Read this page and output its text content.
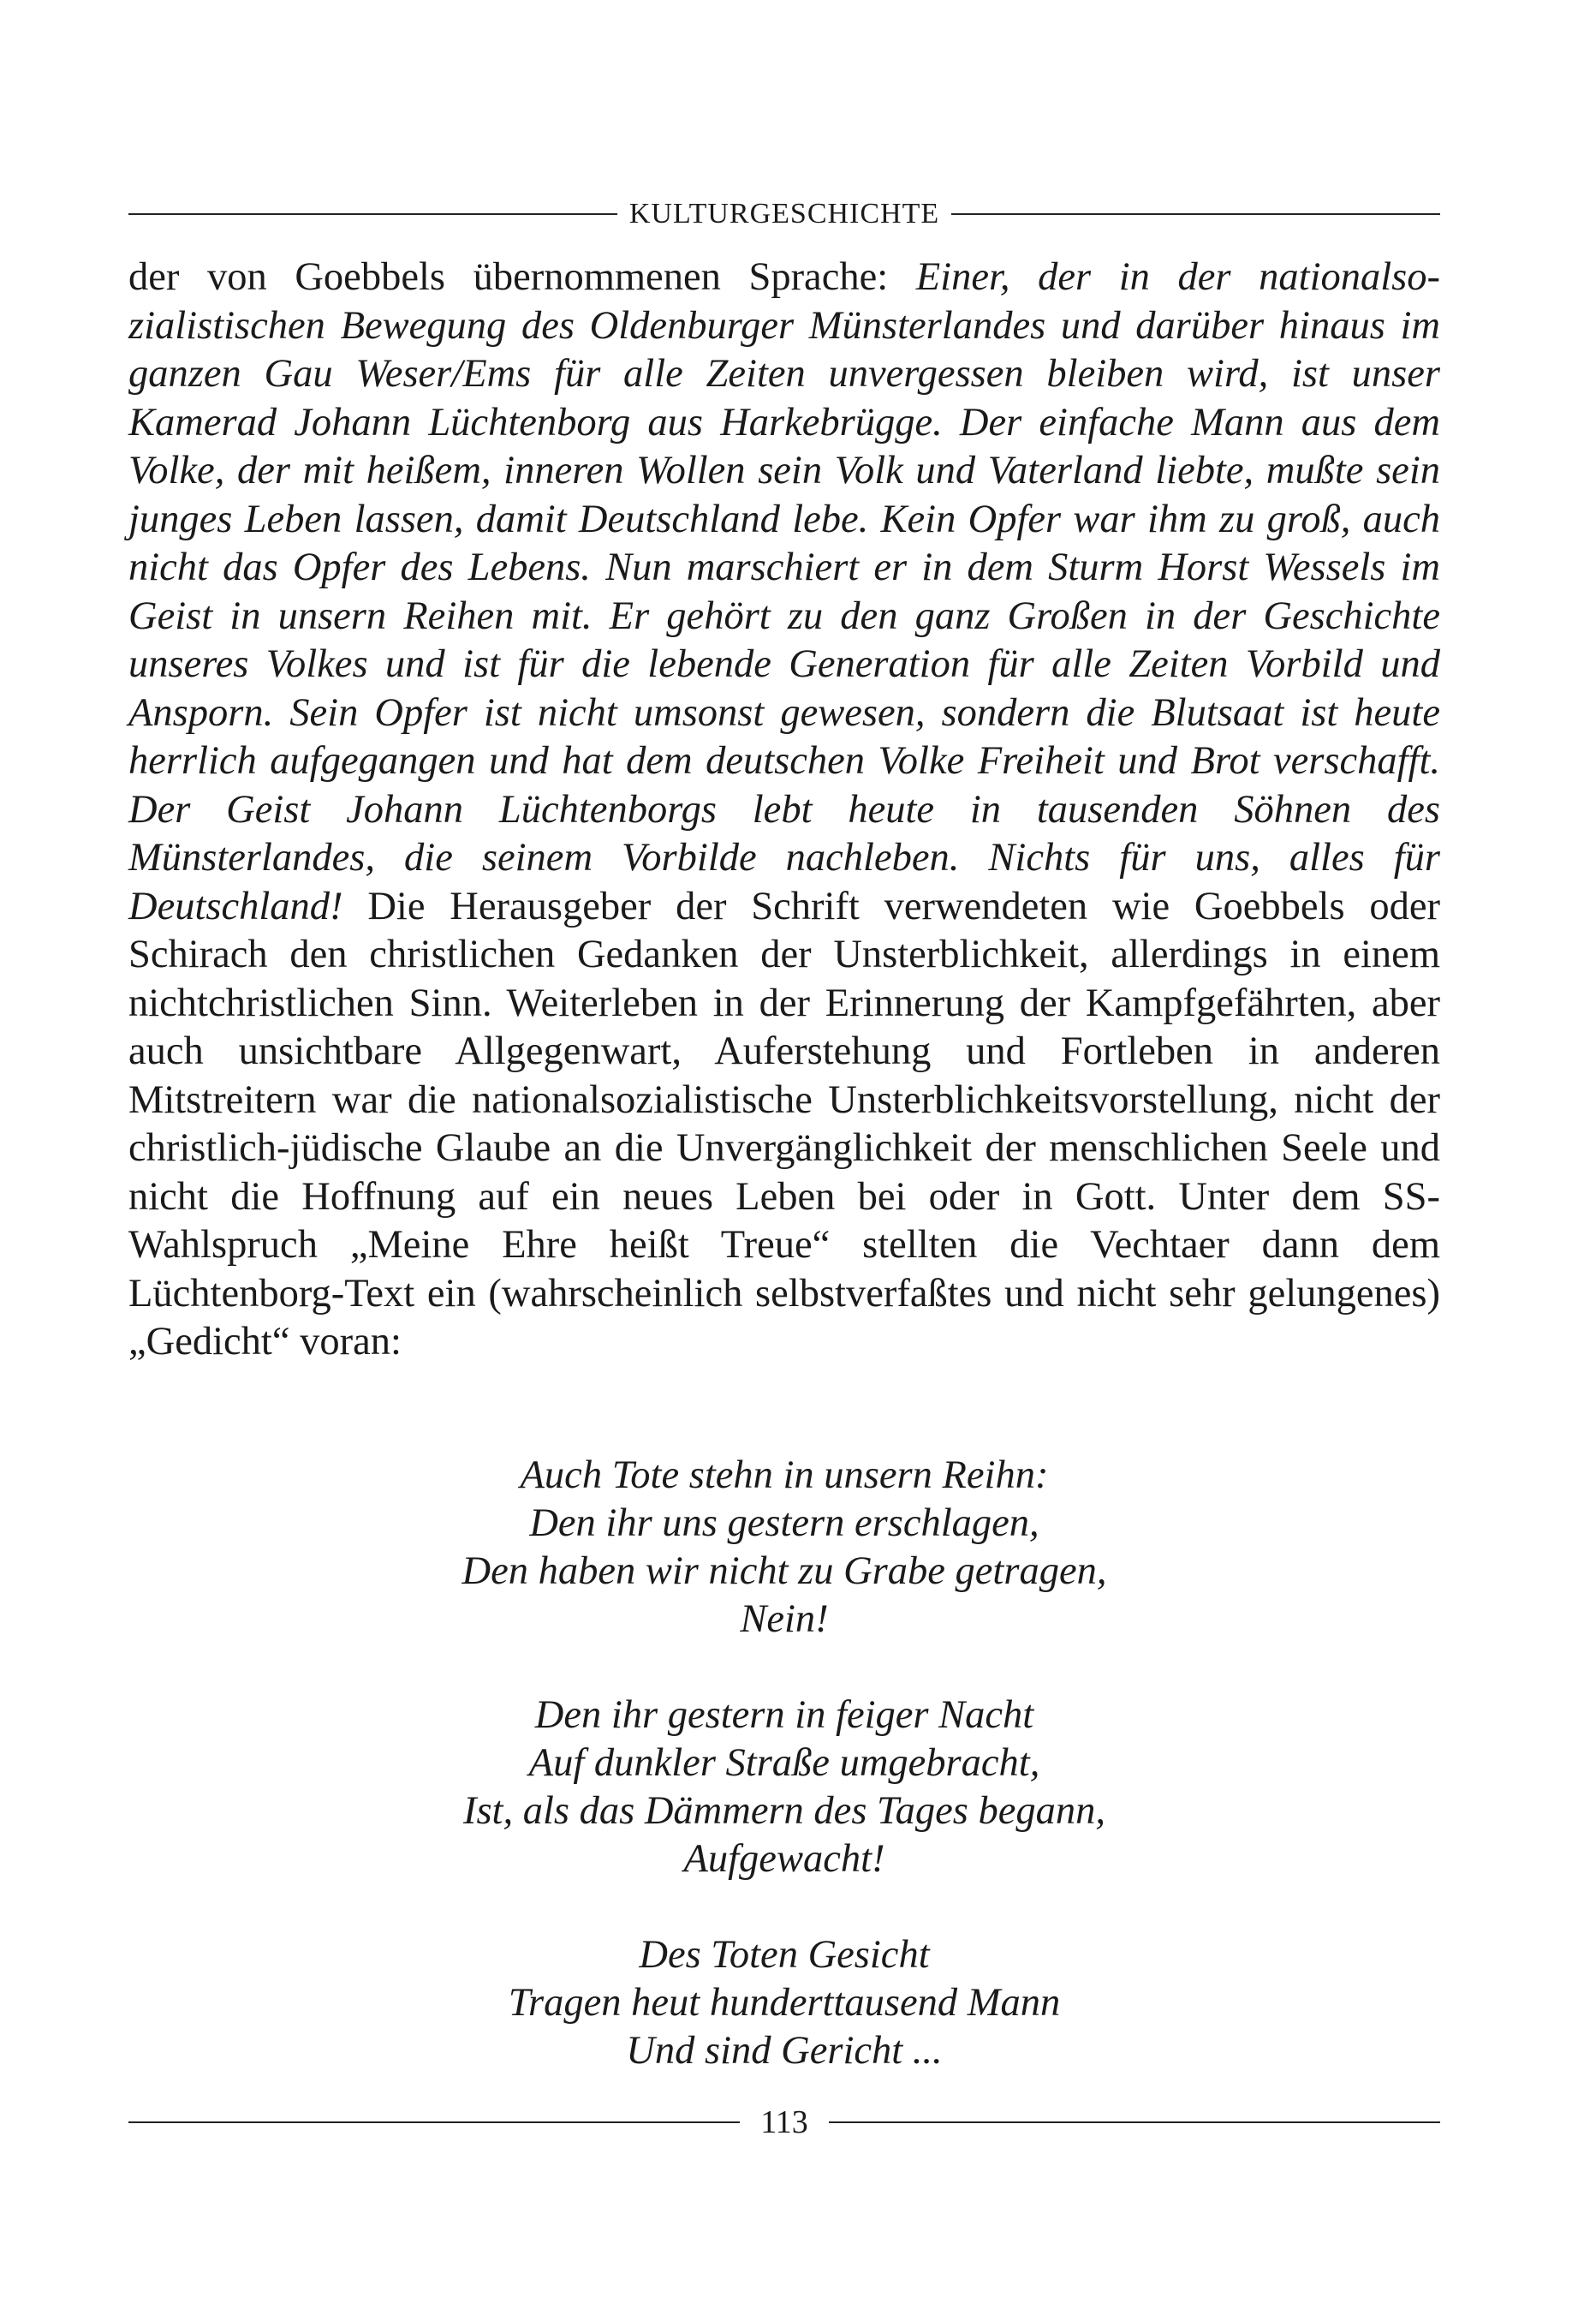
KULTURGESCHICHTE

der von Goebbels übernommenen Sprache: Einer, der in der nationalsozialistischen Bewegung des Oldenburger Münsterlandes und darüber hinaus im ganzen Gau Weser/Ems für alle Zeiten unvergessen bleiben wird, ist unser Kamerad Johann Lüchtenborg aus Harkebrügge. Der einfache Mann aus dem Volke, der mit heißem, inneren Wollen sein Volk und Vaterland liebte, mußte sein junges Leben lassen, damit Deutschland lebe. Kein Opfer war ihm zu groß, auch nicht das Opfer des Lebens. Nun marschiert er in dem Sturm Horst Wessels im Geist in unsern Reihen mit. Er gehört zu den ganz Großen in der Geschichte unseres Volkes und ist für die lebende Generation für alle Zeiten Vorbild und Ansporn. Sein Opfer ist nicht umsonst gewesen, sondern die Blutsaat ist heute herrlich aufgegangen und hat dem deutschen Volke Freiheit und Brot verschafft. Der Geist Johann Lüchtenborgs lebt heute in tausenden Söhnen des Münsterlandes, die seinem Vorbilde nachleben. Nichts für uns, alles für Deutschland! Die Herausgeber der Schrift verwendeten wie Goebbels oder Schirach den christlichen Gedanken der Unsterblichkeit, allerdings in einem nichtchristlichen Sinn. Weiterleben in der Erinnerung der Kampfgefährten, aber auch unsichtbare Allgegenwart, Auferstehung und Fortleben in anderen Mitstreitern war die nationalsozialistische Unsterblichkeitsvorstellung, nicht der christlich-jüdische Glaube an die Unvergänglichkeit der menschlichen Seele und nicht die Hoffnung auf ein neues Leben bei oder in Gott. Unter dem SS-Wahlspruch „Meine Ehre heißt Treue“ stellten die Vechtaer dann dem Lüchtenborg-Text ein (wahrscheinlich selbstverfaßtes und nicht sehr gelungenes) „Gedicht“ voran:

Auch Tote stehn in unsern Reihn:
Den ihr uns gestern erschlagen,
Den haben wir nicht zu Grabe getragen,
Nein!
Den ihr gestern in feiger Nacht
Auf dunkler Straße umgebracht,
Ist, als das Dämmern des Tages begann,
Aufgewacht!
Des Toten Gesicht
Tragen heut hunderttausend Mann
Und sind Gericht ...
113
